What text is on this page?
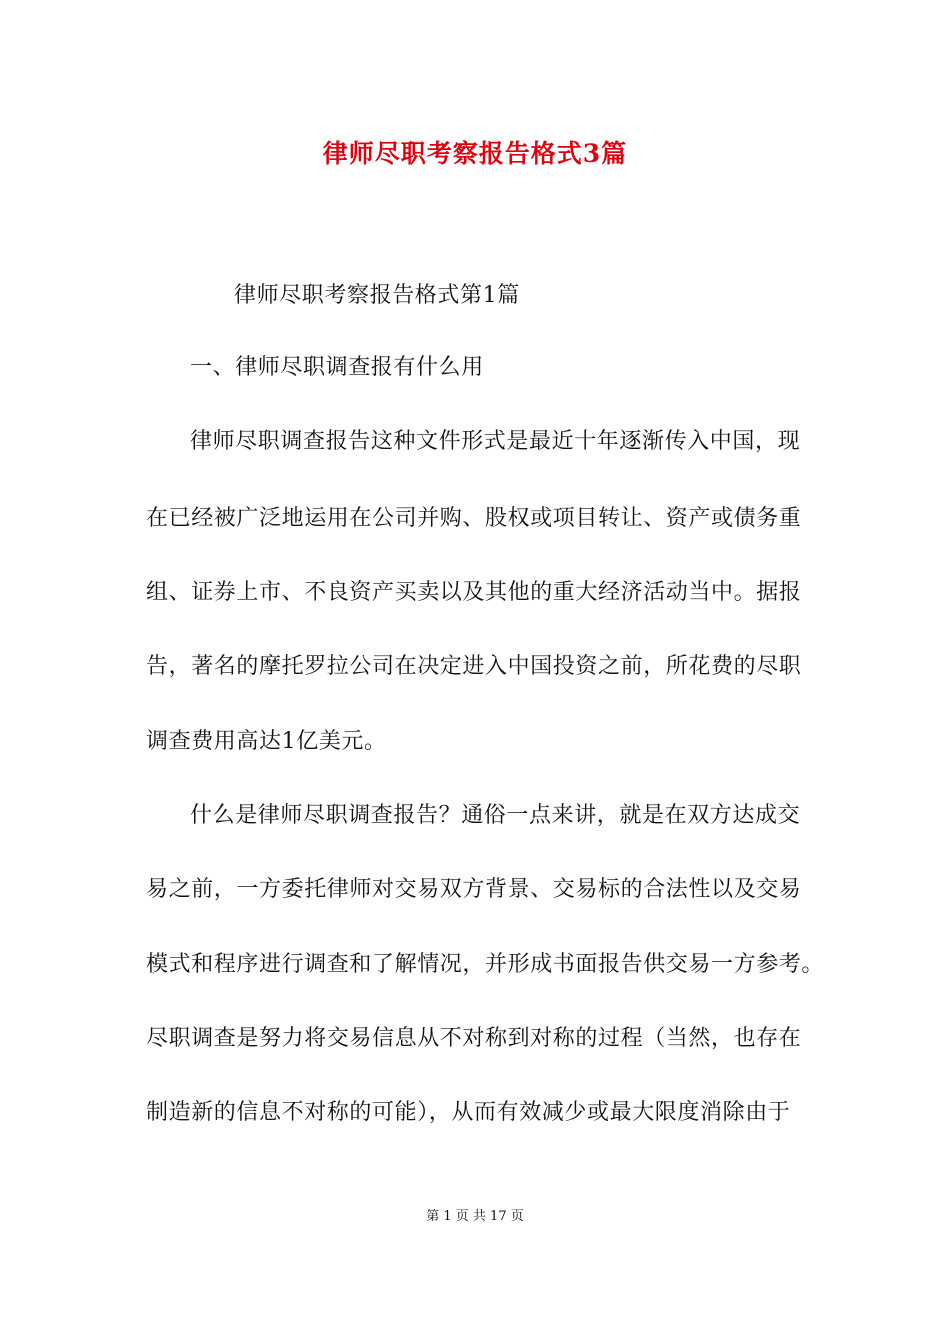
律师尽职考察报告格式3篇
律师尽职考察报告格式第1篇
一、律师尽职调查报有什么用
律师尽职调查报告这种文件形式是最近十年逐渐传入中国，现
在已经被广泛地运用在公司并购、股权或项目转让、资产或债务重
组、证券上市、不良资产买卖以及其他的重大经济活动当中。据报
告，著名的摩托罗拉公司在决定进入中国投资之前，所花费的尽职
调查费用高达1亿美元。
什么是律师尽职调查报告？通俗一点来讲，就是在双方达成交
易之前，一方委托律师对交易双方背景、交易标的合法性以及交易
模式和程序进行调查和了解情况，并形成书面报告供交易一方参考。
尽职调查是努力将交易信息从不对称到对称的过程（当然，也存在
制造新的信息不对称的可能），从而有效减少或最大限度消除由于
第 1 页 共 17 页
